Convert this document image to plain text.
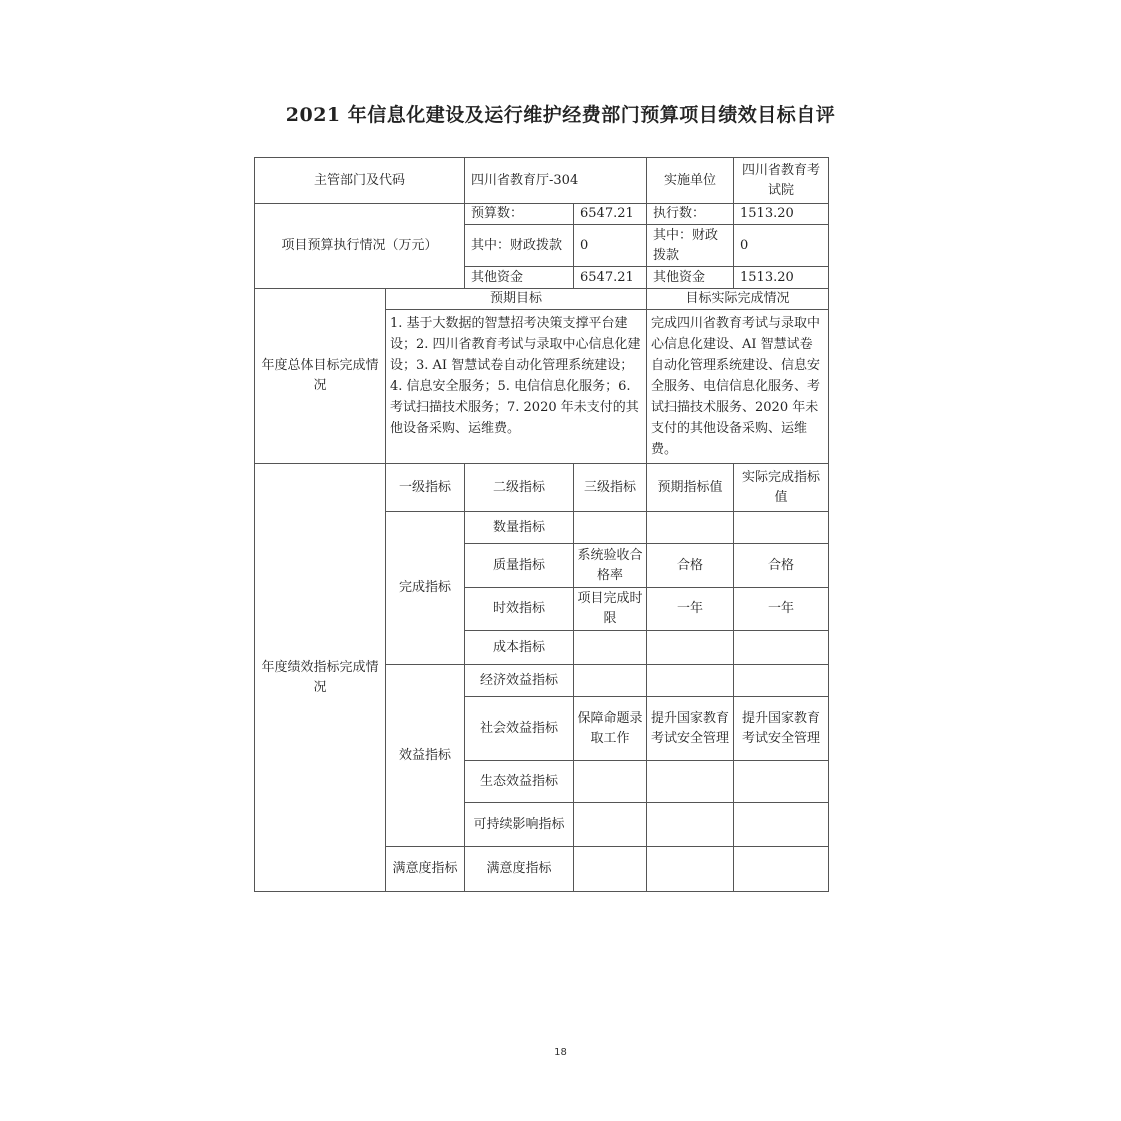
2021 年信息化建设及运行维护经费部门预算项目绩效目标自评
主管部门及代码		四川省教育厅-304		实施单位	四川省教育考试院
项目预算执行情况（万元）		预算数：	6547.21	执行数：	1513.20
		其中：财政拨款	0	其中：财政拨款	0
		其他资金	6547.21	其他资金	1513.20
年度总体目标完成情况	预期目标			目标实际完成情况	
	1. 基于大数据的智慧招考决策支撑平台建设；2. 四川省教育考试与录取中心信息化建设；3. AI 智慧试卷自动化管理系统建设；4. 信息安全服务；5. 电信信息化服务；6. 考试扫描技术服务；7. 2020 年未支付的其他设备采购、运维费。			完成四川省教育考试与录取中心信息化建设、AI 智慧试卷自动化管理系统建设、信息安全服务、电信信息化服务、考试扫描技术服务、2020 年未支付的其他设备采购、运维费。	
年度绩效指标完成情况	一级指标	二级指标	三级指标	预期指标值	实际完成指标值
	完成指标	数量指标			
		质量指标	系统验收合格率	合格	合格
		时效指标	项目完成时限	一年	一年
		成本指标			
	效益指标	经济效益指标			
		社会效益指标	保障命题录取工作	提升国家教育考试安全管理	提升国家教育考试安全管理
		生态效益指标			
		可持续影响指标			
	满意度指标	满意度指标			
18
